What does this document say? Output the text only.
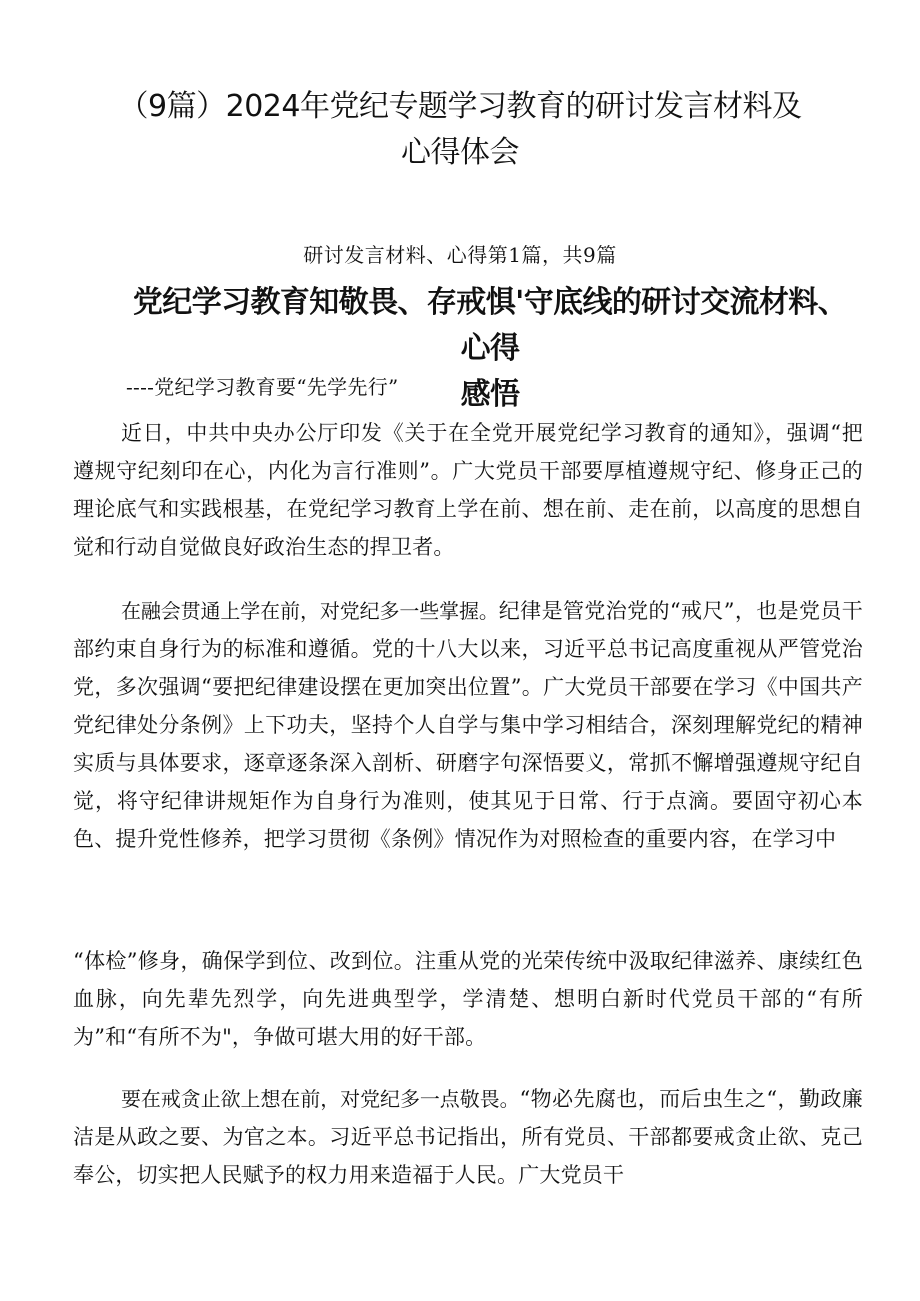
（9篇）2024年党纪专题学习教育的研讨发言材料及
心得体会
研讨发言材料、心得第1篇，共9篇
党纪学习教育知敬畏、存戒惧'守底线的研讨交流材料、心得
感悟
----党纪学习教育要“先学先行”

近日，中共中央办公厅印发《关于在全党开展党纪学习教育的通知》，强调“把遵规守纪刻印在心，内化为言行准则”。广大党员干部要厚植遵规守纪、修身正己的理论底气和实践根基，在党纪学习教育上学在前、想在前、走在前，以高度的思想自觉和行动自觉做良好政治生态的捍卫者。

在融会贯通上学在前，对党纪多一些掌握。纪律是管党治党的“戒尺”，也是党员干部约束自身行为的标准和遵循。党的十八大以来，习近平总书记高度重视从严管党治党，多次强调“要把纪律建设摆在更加突出位置”。广大党员干部要在学习《中国共产党纪律处分条例》上下功夫，坚持个人自学与集中学习相结合，深刻理解党纪的精神实质与具体要求，逐章逐条深入剖析、研磨字句深悟要义，常抓不懈增强遵规守纪自觉，将守纪律讲规矩作为自身行为准则，使其见于日常、行于点滴。要固守初心本色、提升党性修养，把学习贯彻《条例》情况作为对照检查的重要内容，在学习中

“体检”修身，确保学到位、改到位。注重从党的光荣传统中汲取纪律滋养、康续红色血脉，向先辈先烈学，向先进典型学，学清楚、想明白新时代党员干部的“有所为”和“有所不为"，争做可堪大用的好干部。

要在戒贪止欲上想在前，对党纪多一点敬畏。“物必先腐也，而后虫生之“，勤政廉洁是从政之要、为官之本。习近平总书记指出，所有党员、干部都要戒贪止欲、克己奉公，切实把人民赋予的权力用来造福于人民。广大党员干
